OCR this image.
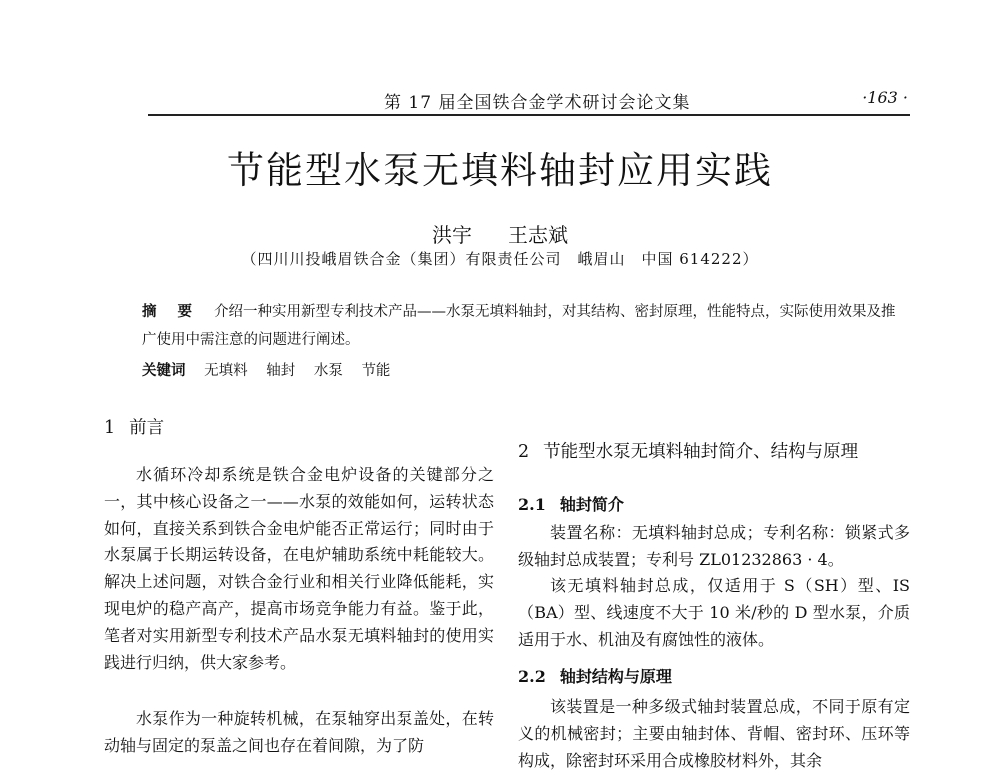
第 17 届全国铁合金学术研讨会论文集	·163 ·
节能型水泵无填料轴封应用实践
洪宇 王志斌
（四川川投峨眉铁合金（集团）有限责任公司　峨眉山　中国 614222）
摘 要 介绍一种实用新型专利技术产品——水泵无填料轴封，对其结构、密封原理，性能特点，实际使用效果及推广使用中需注意的问题进行阐述。
关键词 无填料 轴封 水泵 节能
1 前言
水循环冷却系统是铁合金电炉设备的关键部分之一，其中核心设备之一——水泵的效能如何，运转状态如何，直接关系到铁合金电炉能否正常运行；同时由于水泵属于长期运转设备，在电炉辅助系统中耗能较大。解决上述问题，对铁合金行业和相关行业降低能耗，实现电炉的稳产高产，提高市场竞争能力有益。鉴于此，笔者对实用新型专利技术产品水泵无填料轴封的使用实践进行归纳，供大家参考。
水泵作为一种旋转机械，在泵轴穿出泵盖处，在转动轴与固定的泵盖之间也存在着间隙，为了防
2 节能型水泵无填料轴封简介、结构与原理
2.1 轴封简介
装置名称：无填料轴封总成；专利名称：锁紧式多级轴封总成装置；专利号 ZL01232863 · 4。
该无填料轴封总成，仅适用于 S（SH）型、IS（BA）型、线速度不大于 10 米/秒的 D 型水泵，介质适用于水、机油及有腐蚀性的液体。
2.2 轴封结构与原理
该装置是一种多级式轴封装置总成，不同于原有定义的机械密封；主要由轴封体、背帽、密封环、压环等构成，除密封环采用合成橡胶材料外，其余
